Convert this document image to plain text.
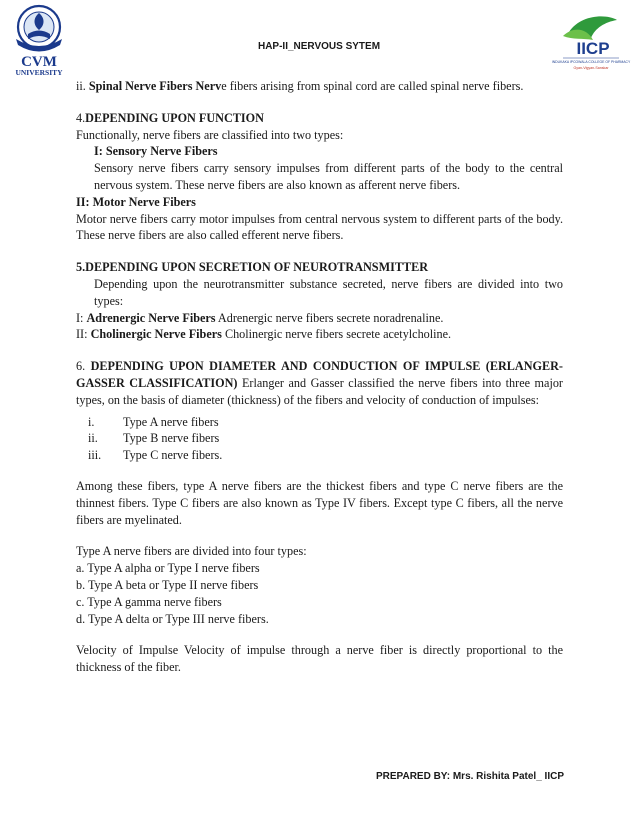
CVM
UNIVERSITY
HAP-II_NERVOUS SYTEM	IICP
INDUKAKA IPCOWALA COLLEGE OF PHARMACY
Gyan-Vigyan-Sanskar

ii. Spinal Nerve Fibers Nerve fibers arising from spinal cord are called spinal nerve fibers.

4.DEPENDING UPON FUNCTION

Functionally, nerve fibers are classified into two types:

I: Sensory Nerve Fibers

Sensory nerve fibers carry sensory impulses from different parts of the body to the central nervous system. These nerve fibers are also known as afferent nerve fibers.

II: Motor Nerve Fibers

Motor nerve fibers carry motor impulses from central nervous system to different parts of the body. These nerve fibers are also called efferent nerve fibers.

5.DEPENDING UPON SECRETION OF NEUROTRANSMITTER

Depending upon the neurotransmitter substance secreted, nerve fibers are divided into two types:

I: Adrenergic Nerve Fibers Adrenergic nerve fibers secrete noradrenaline.

II: Cholinergic Nerve Fibers Cholinergic nerve fibers secrete acetylcholine.

6. DEPENDING UPON DIAMETER AND CONDUCTION OF IMPULSE (ERLANGER-GASSER CLASSIFICATION) Erlanger and Gasser classified the nerve fibers into three major types, on the basis of diameter (thickness) of the fibers and velocity of conduction of impulses:

i.	Type A nerve fibers
ii.	Type B nerve fibers
iii.	Type C nerve fibers.

Among these fibers, type A nerve fibers are the thickest fibers and type C nerve fibers are the thinnest fibers. Type C fibers are also known as Type IV fibers. Except type C fibers, all the nerve fibers are myelinated.

Type A nerve fibers are divided into four types:

a. Type A alpha or Type I nerve fibers

b. Type A beta or Type II nerve fibers

c. Type A gamma nerve fibers

d. Type A delta or Type III nerve fibers.

Velocity of Impulse Velocity of impulse through a nerve fiber is directly proportional to the thickness of the fiber.

PREPARED BY: Mrs. Rishita Patel_ IICP
